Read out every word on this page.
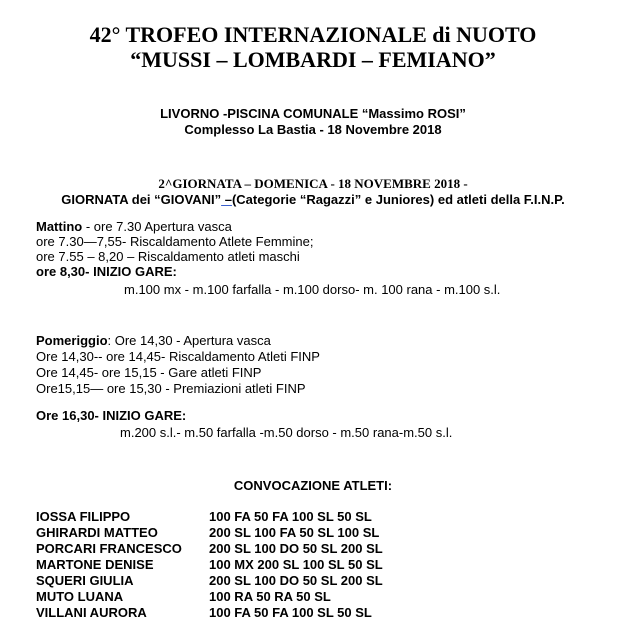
42° TROFEO INTERNAZIONALE di NUOTO
“MUSSI – LOMBARDI – FEMIANO”
LIVORNO -PISCINA COMUNALE “Massimo ROSI”
Complesso La Bastia - 18 Novembre 2018
2^GIORNATA – DOMENICA - 18 NOVEMBRE 2018 -
GIORNATA dei “GIOVANI” –(Categorie “Ragazzi” e Juniores) ed atleti della F.I.N.P.
Mattino - ore 7.30 Apertura vasca
ore 7.30—7,55- Riscaldamento Atlete Femmine;
ore 7.55 – 8,20 – Riscaldamento atleti maschi
ore 8,30- INIZIO GARE:
m.100 mx - m.100 farfalla - m.100 dorso- m. 100 rana - m.100 s.l.
Pomeriggio: Ore 14,30 - Apertura vasca
Ore 14,30-- ore 14,45- Riscaldamento Atleti FINP
Ore 14,45- ore 15,15 - Gare atleti FINP
Ore15,15— ore 15,30 - Premiazioni atleti FINP
Ore 16,30- INIZIO GARE:
m.200 s.l.- m.50 farfalla -m.50 dorso - m.50 rana-m.50 s.l.
CONVOCAZIONE ATLETI:
IOSSA FILIPPO	100 FA 50 FA 100 SL 50 SL
GHIRARDI MATTEO	200 SL 100 FA 50 SL 100 SL
PORCARI FRANCESCO 200 SL 100 DO 50 SL 200 SL
MARTONE DENISE	100 MX 200 SL 100 SL 50 SL
SQUERI GIULIA	200 SL 100 DO 50 SL 200 SL
MUTO LUANA	100 RA 50 RA 50 SL
VILLANI AURORA	100 FA 50 FA 100 SL 50 SL
